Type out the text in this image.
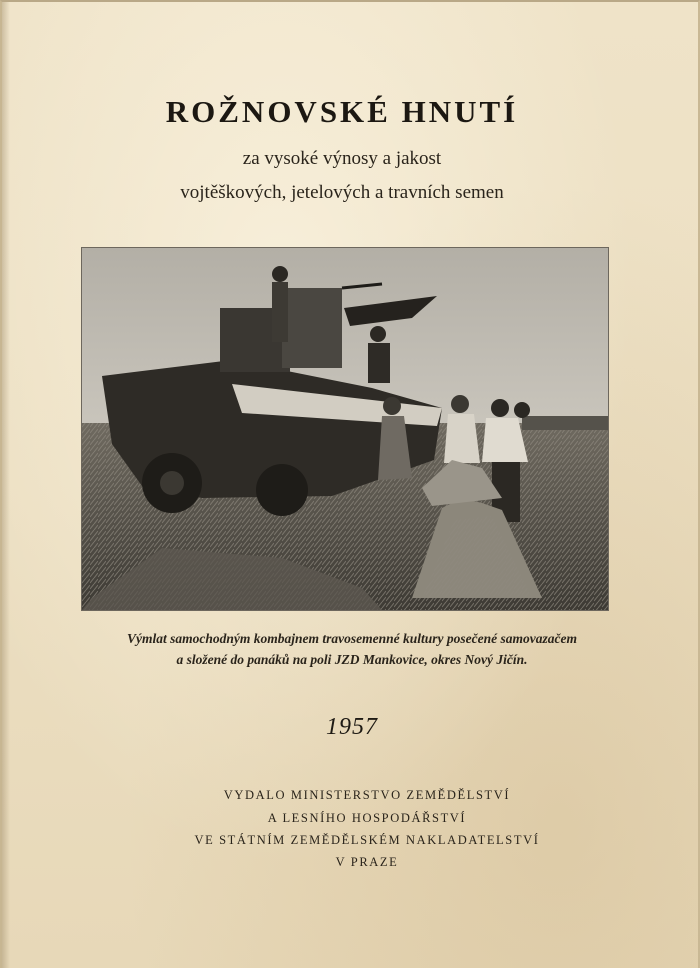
ROŽNOVSKÉ HNUTÍ
za vysoké výnosy a jakost
vojtěškových, jetelových a travních semen
Výmlat samochodným kombajnem travosemenné kultury posečené samovazačem
a složené do panáků na poli JZD Mankovice, okres Nový Jičín.
1957
VYDALO MINISTERSTVO ZEMĚDĚLSTVÍ
A LESNÍHO HOSPODÁŘSTVÍ
VE STÁTNÍM ZEMĚDĚLSKÉM NAKLADATELSTVÍ
V PRAZE
